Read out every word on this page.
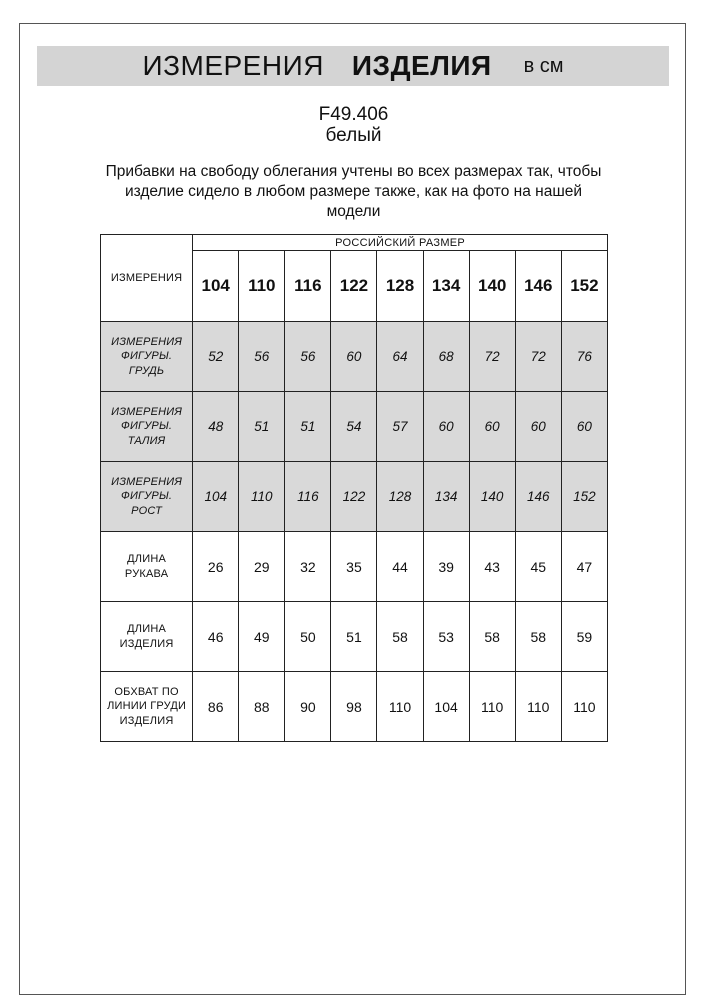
ИЗМЕРЕНИЯ ИЗДЕЛИЯ в см
F49.406
белый
Прибавки на свободу облегания учтены во всех размерах так, чтобы изделие сидело в любом размере также, как на фото на нашей модели
ИЗМЕРЕНИЯ	РОССИЙСКИЙ РАЗМЕР								
	104	110	116	122	128	134	140	146	152

ИЗМЕРЕНИЯ
ФИГУРЫ.
ГРУДЬ	52	56	56	60	64	68	72	72	76

ИЗМЕРЕНИЯ
ФИГУРЫ.
ТАЛИЯ	48	51	51	54	57	60	60	60	60

ИЗМЕРЕНИЯ
ФИГУРЫ.
РОСТ	104	110	116	122	128	134	140	146	152

ДЛИНА
РУКАВА	26	29	32	35	44	39	43	45	47

ДЛИНА
ИЗДЕЛИЯ	46	49	50	51	58	53	58	58	59

ОБХВАТ ПО
ЛИНИИ ГРУДИ
ИЗДЕЛИЯ	86	88	90	98	110	104	110	110	110
